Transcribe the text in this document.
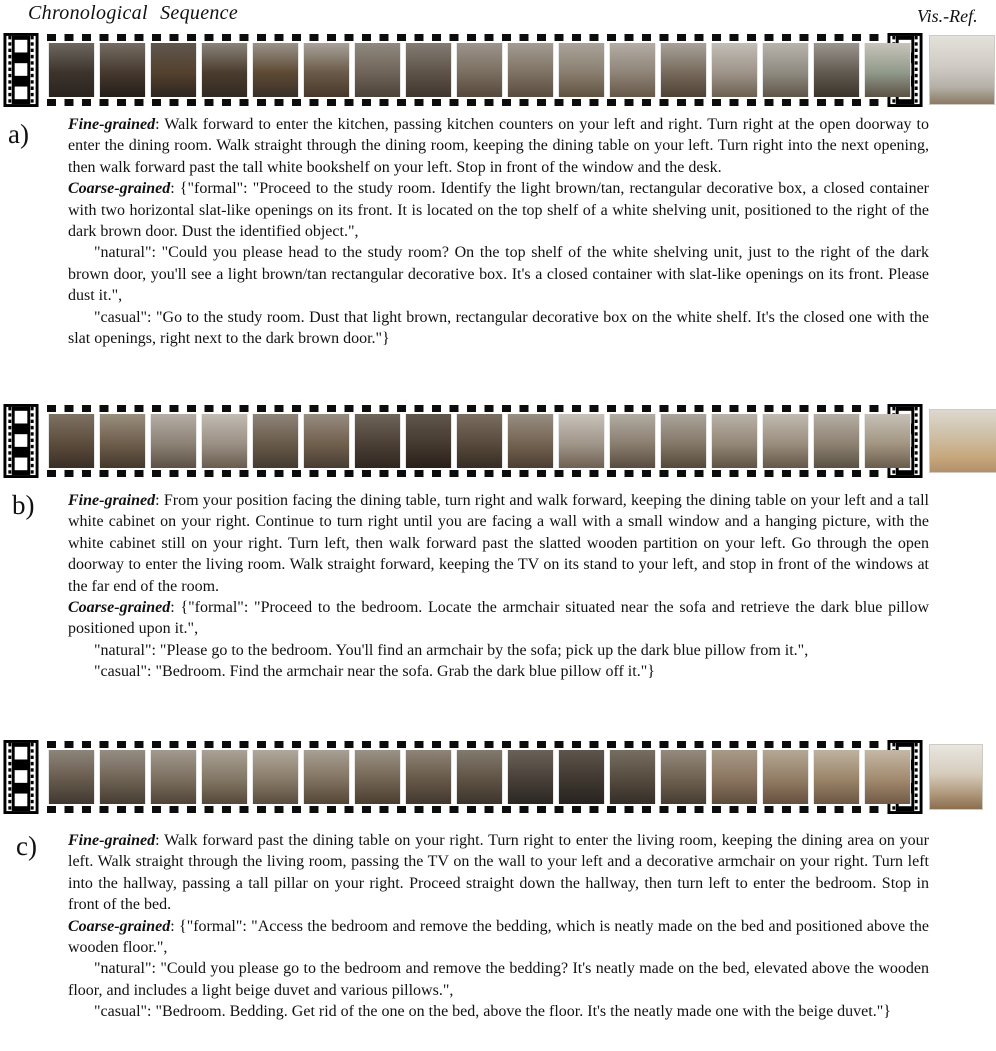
Chronological Sequence	Vis.-Ref.
a) Fine-grained: Walk forward to enter the kitchen, passing kitchen counters on your left and right. Turn right at the open doorway to enter the dining room. Walk straight through the dining room, keeping the dining table on your left. Turn right into the next opening, then walk forward past the tall white bookshelf on your left. Stop in front of the window and the desk.

Coarse-grained: {"formal": "Proceed to the study room. Identify the light brown/tan, rectangular decorative box, a closed container with two horizontal slat-like openings on its front. It is located on the top shelf of a white shelving unit, positioned to the right of the dark brown door. Dust the identified object.",

"natural": "Could you please head to the study room? On the top shelf of the white shelving unit, just to the right of the dark brown door, you'll see a light brown/tan rectangular decorative box. It's a closed container with slat-like openings on its front. Please dust it.",

"casual": "Go to the study room. Dust that light brown, rectangular decorative box on the white shelf. It's the closed one with the slat openings, right next to the dark brown door."}

b) Fine-grained: From your position facing the dining table, turn right and walk forward, keeping the dining table on your left and a tall white cabinet on your right. Continue to turn right until you are facing a wall with a small window and a hanging picture, with the white cabinet still on your right. Turn left, then walk forward past the slatted wooden partition on your left. Go through the open doorway to enter the living room. Walk straight forward, keeping the TV on its stand to your left, and stop in front of the windows at the far end of the room.

Coarse-grained: {"formal": "Proceed to the bedroom. Locate the armchair situated near the sofa and retrieve the dark blue pillow positioned upon it.",

"natural": "Please go to the bedroom. You'll find an armchair by the sofa; pick up the dark blue pillow from it.",

"casual": "Bedroom. Find the armchair near the sofa. Grab the dark blue pillow off it."}

c) Fine-grained: Walk forward past the dining table on your right. Turn right to enter the living room, keeping the dining area on your left. Walk straight through the living room, passing the TV on the wall to your left and a decorative armchair on your right. Turn left into the hallway, passing a tall pillar on your right. Proceed straight down the hallway, then turn left to enter the bedroom. Stop in front of the bed.

Coarse-grained: {"formal": "Access the bedroom and remove the bedding, which is neatly made on the bed and positioned above the wooden floor.",

"natural": "Could you please go to the bedroom and remove the bedding? It's neatly made on the bed, elevated above the wooden floor, and includes a light beige duvet and various pillows.",

"casual": "Bedroom. Bedding. Get rid of the one on the bed, above the floor. It's the neatly made one with the beige duvet."}
